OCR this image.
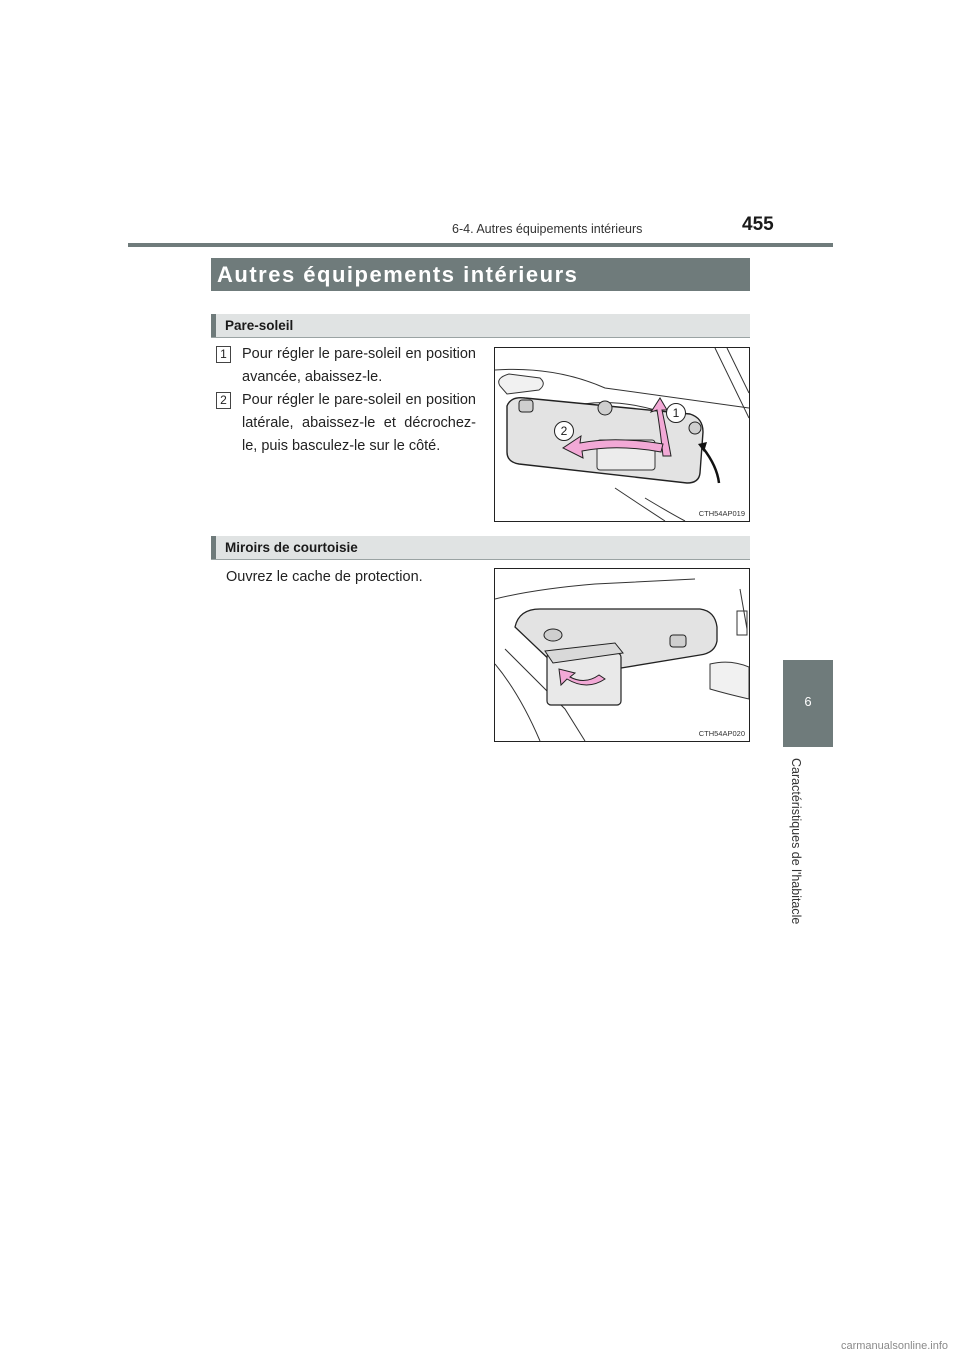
6-4. Autres équipements intérieurs	455
6
Caractéristiques de l'habitacle
Autres équipements intérieurs
Pare-soleil
1 Pour régler le pare-soleil en position avancée, abaissez-le.
2 Pour régler le pare-soleil en position latérale, abaissez-le et décrochez-le, puis basculez-le sur le côté.
1
2
CTH54AP019
Miroirs de courtoisie
Ouvrez le cache de protection.
CTH54AP020
carmanualsonline.info
